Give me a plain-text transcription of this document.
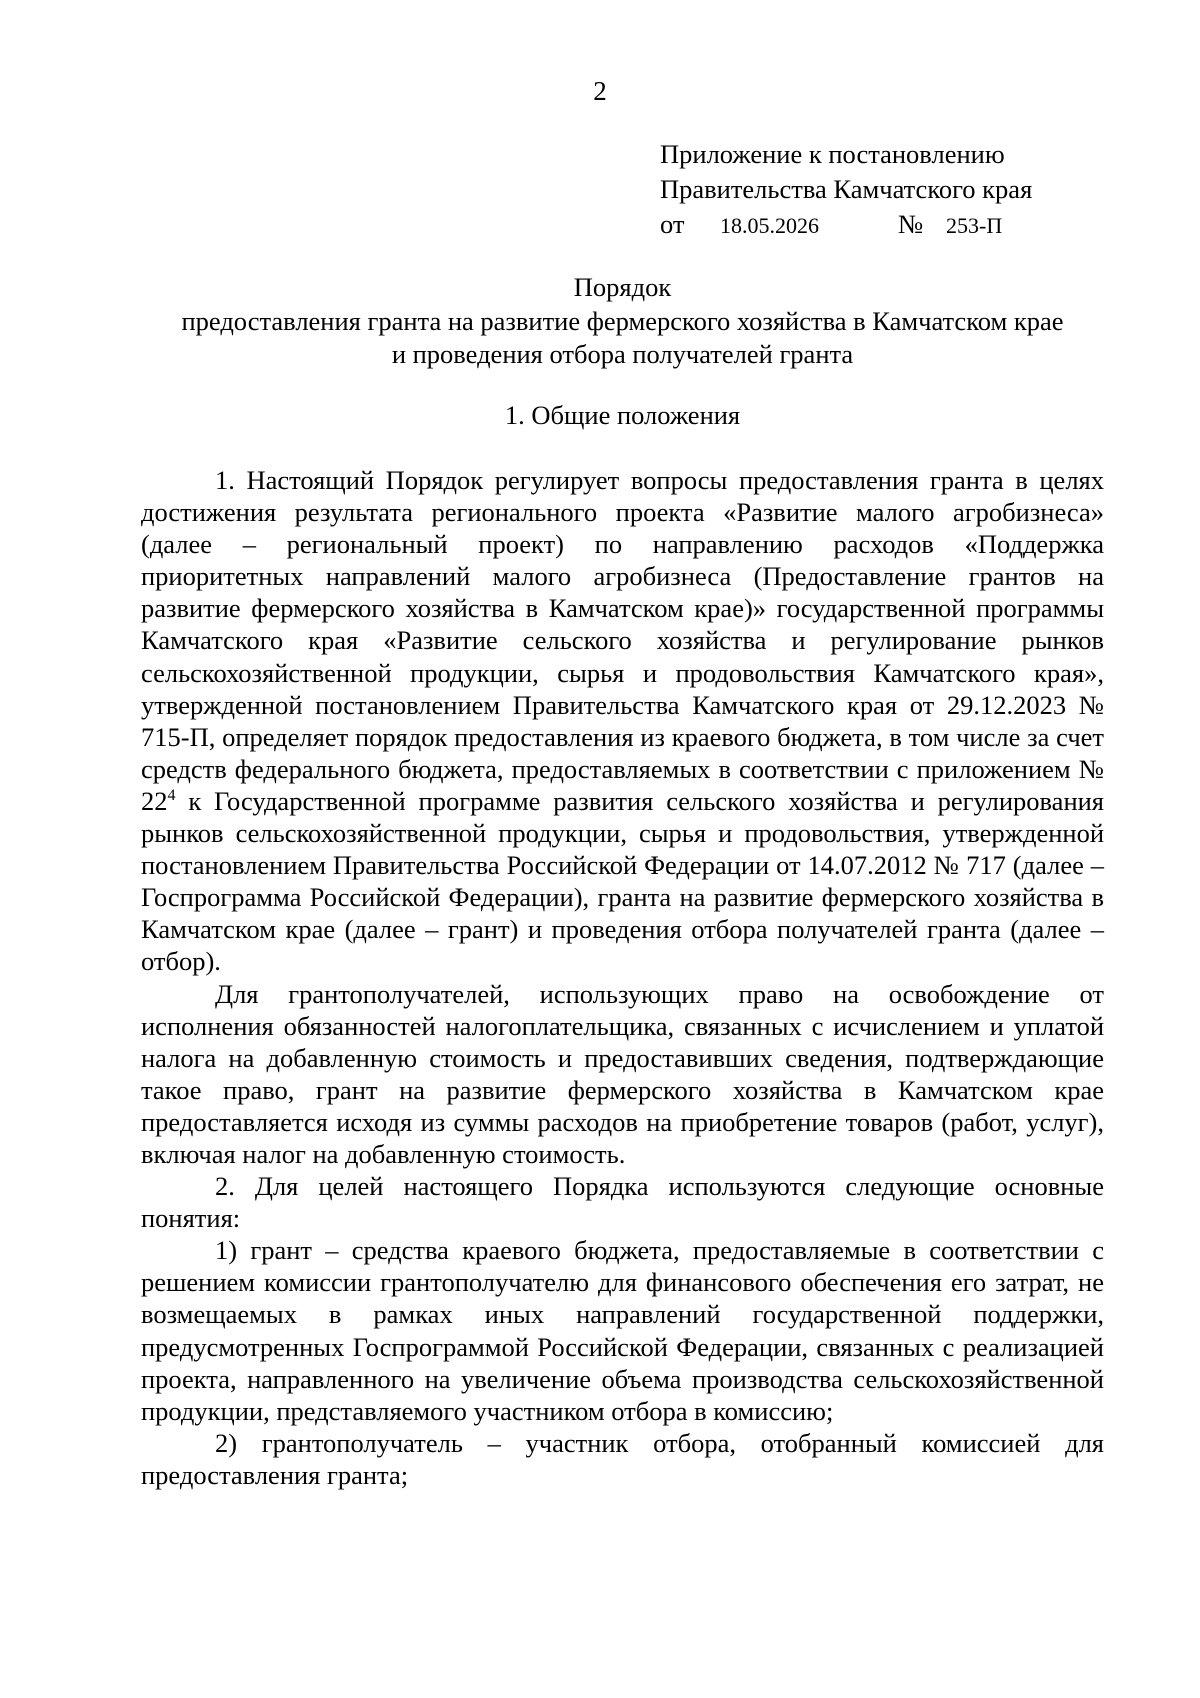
2
Приложение к постановлению
Правительства Камчатского края
от	18.05.2026	№	253-П
Порядок
предоставления гранта на развитие фермерского хозяйства в Камчатском крае
и проведения отбора получателей гранта
1. Общие положения

1. Настоящий Порядок регулирует вопросы предоставления гранта в целях достижения результата регионального проекта «Развитие малого агробизнеса» (далее – региональный проект) по направлению расходов «Поддержка приоритетных направлений малого агробизнеса (Предоставление грантов на развитие фермерского хозяйства в Камчатском крае)» государственной программы Камчатского края «Развитие сельского хозяйства и регулирование рынков сельскохозяйственной продукции, сырья и продовольствия Камчатского края», утвержденной постановлением Правительства Камчатского края от 29.12.2023 № 715-П, определяет порядок предоставления из краевого бюджета, в том числе за счет средств федерального бюджета, предоставляемых в соответствии с приложением № $22^4$ к Государственной программе развития сельского хозяйства и регулирования рынков сельскохозяйственной продукции, сырья и продовольствия, утвержденной постановлением Правительства Российской Федерации от 14.07.2012 № 717 (далее – Госпрограмма Российской Федерации), гранта на развитие фермерского хозяйства в Камчатском крае (далее – грант) и проведения отбора получателей гранта (далее – отбор).

Для грантополучателей, использующих право на освобождение от исполнения обязанностей налогоплательщика, связанных с исчислением и уплатой налога на добавленную стоимость и предоставивших сведения, подтверждающие такое право, грант на развитие фермерского хозяйства в Камчатском крае предоставляется исходя из суммы расходов на приобретение товаров (работ, услуг), включая налог на добавленную стоимость.

2. Для целей настоящего Порядка используются следующие основные понятия:

1) грант – средства краевого бюджета, предоставляемые в соответствии с решением комиссии грантополучателю для финансового обеспечения его затрат, не возмещаемых в рамках иных направлений государственной поддержки, предусмотренных Госпрограммой Российской Федерации, связанных с реализацией проекта, направленного на увеличение объема производства сельскохозяйственной продукции, представляемого участником отбора в комиссию;

2) грантополучатель – участник отбора, отобранный комиссией для предоставления гранта;
